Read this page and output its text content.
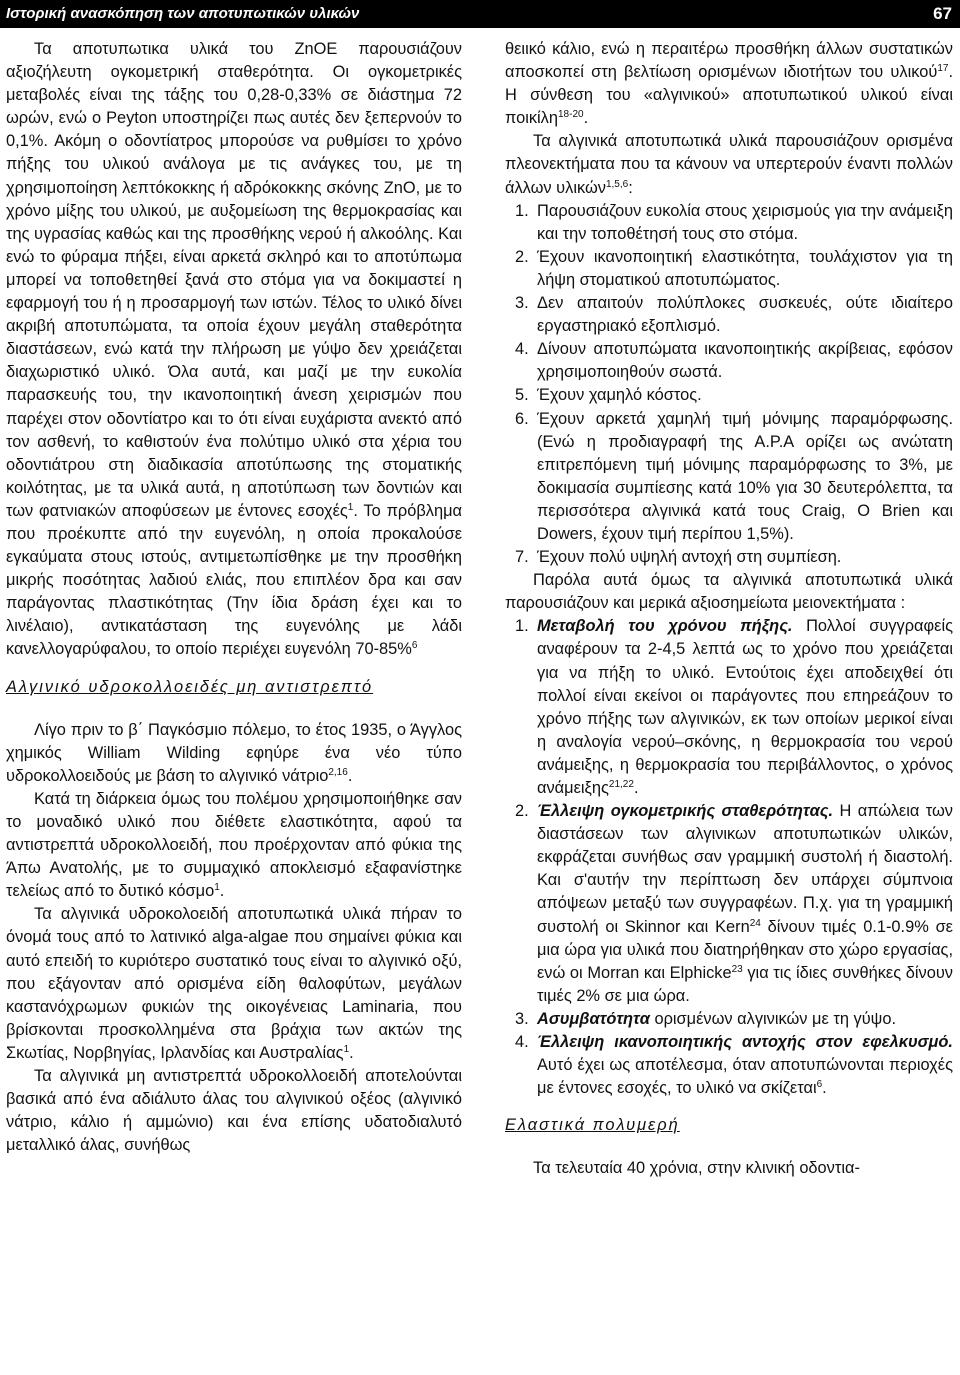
Ιστορική ανασκόπηση των αποτυπωτικών υλικών	67

Τα αποτυπωτικα υλικά του ZnOE παρουσιάζουν αξιοζήλευτη ογκομετρική σταθερότητα. Οι ογκομετρικές μεταβολές είναι της τάξης του 0,28-0,33% σε διάστημα 72 ωρών, ενώ ο Peyton υποστηρίζει πως αυτές δεν ξεπερνούν το 0,1%. Ακόμη ο οδοντίατρος μπορούσε να ρυθμίσει το χρόνο πήξης του υλικού ανάλογα με τις ανάγκες του, με τη χρησιμοποίηση λεπτόκοκκης ή αδρόκοκκης σκόνης ZnO, με το χρόνο μίξης του υλικού, με αυξομείωση της θερμοκρασίας και της υγρασίας καθώς και της προσθήκης νερού ή αλκοόλης. Και ενώ το φύραμα πήξει, είναι αρκετά σκληρό και το αποτύπωμα μπορεί να τοποθετηθεί ξανά στο στόμα για να δοκιμαστεί η εφαρμογή του ή η προσαρμογή των ιστών. Τέλος το υλικό δίνει ακριβή αποτυπώματα, τα οποία έχουν μεγάλη σταθερότητα διαστάσεων, ενώ κατά την πλήρωση με γύψο δεν χρειάζεται διαχωριστικό υλικό. Όλα αυτά, και μαζί με την ευκολία παρασκευής του, την ικανοποιητική άνεση χειρισμών που παρέχει στον οδοντίατρο και το ότι είναι ευχάριστα ανεκτό από τον ασθενή, το καθιστούν ένα πολύτιμο υλικό στα χέρια του οδοντιάτρου στη διαδικασία αποτύπωσης της στοματικής κοιλότητας, με τα υλικά αυτά, η αποτύπωση των δοντιών και των φατνιακών αποφύσεων με έντονες εσοχές$^1$. Το πρόβλημα που προέκυπτε από την ευγενόλη, η οποία προκαλούσε εγκαύματα στους ιστούς, αντιμετωπίσθηκε με την προσθήκη μικρής ποσότητας λαδιού ελιάς, που επιπλέον δρα και σαν παράγοντας πλαστικότητας (Την ίδια δράση έχει και το λινέλαιο), αντικατάσταση της ευγενόλης με λάδι κανελλογαρύφαλου, το οποίο περιέχει ευγενόλη 70-85%$^6$

Αλγινικό υδροκολλοειδές μη αντιστρεπτό

Λίγο πριν το β΄ Παγκόσμιο πόλεμο, το έτος 1935, ο Άγγλος χημικός William Wilding εφηύρε ένα νέο τύπο υδροκολλοειδούς με βάση το αλγινικό νάτριο$^{2,16}$.

Κατά τη διάρκεια όμως του πολέμου χρησιμοποιήθηκε σαν το μοναδικό υλικό που διέθετε ελαστικότητα, αφού τα αντιστρεπτά υδροκολλοειδή, που προέρχονταν από φύκια της Άπω Ανατολής, με το συμμαχικό αποκλεισμό εξαφανίστηκε τελείως από το δυτικό κόσμο$^1$.

Τα αλγινικά υδροκολοειδή αποτυπωτικά υλικά πήραν το όνομά τους από το λατινικό alga-algae που σημαίνει φύκια και αυτό επειδή το κυριότερο συστατικό τους είναι το αλγινικό οξύ, που εξάγονταν από ορισμένα είδη θαλοφύτων, μεγάλων καστανόχρωμων φυκιών της οικογένειας Laminaria, που βρίσκονται προσκολλημένα στα βράχια των ακτών της Σκωτίας, Νορβηγίας, Ιρλανδίας και Αυστραλίας$^1$.

Τα αλγινικά μη αντιστρεπτά υδροκολλοειδή αποτελούνται βασικά από ένα αδιάλυτο άλας του αλγινικού οξέος (αλγινικό νάτριο, κάλιο ή αμμώνιο) και ένα επίσης υδατοδιαλυτό μεταλλικό άλας, συνήθως

θειικό κάλιο, ενώ η περαιτέρω προσθήκη άλλων συστατικών αποσκοπεί στη βελτίωση ορισμένων ιδιοτήτων του υλικού$^{17}$. Η σύνθεση του «αλγινικού» αποτυπωτικού υλικού είναι ποικίλη$^{18-20}$.

Τα αλγινικά αποτυπωτικά υλικά παρουσιάζουν ορισμένα πλεονεκτήματα που τα κάνουν να υπερτερούν έναντι πολλών άλλων υλικών$^{1,5,6}$:

1. Παρουσιάζουν ευκολία στους χειρισμούς για την ανάμειξη και την τοποθέτησή τους στο στόμα.
2. Έχουν ικανοποιητική ελαστικότητα, τουλάχιστον για τη λήψη στοματικού αποτυπώματος.
3. Δεν απαιτούν πολύπλοκες συσκευές, ούτε ιδιαίτερο εργαστηριακό εξοπλισμό.
4. Δίνουν αποτυπώματα ικανοποιητικής ακρίβειας, εφόσον χρησιμοποιηθούν σωστά.
5. Έχουν χαμηλό κόστος.
6. Έχουν αρκετά χαμηλή τιμή μόνιμης παραμόρφωσης. (Ενώ η προδιαγραφή της Α.Ρ.Α ορίζει ως ανώτατη επιτρεπόμενη τιμή μόνιμης παραμόρφωσης το 3%, με δοκιμασία συμπίεσης κατά 10% για 30 δευτερόλεπτα, τα περισσότερα αλγινικά κατά τους Craig, O Brien και Dowers, έχουν τιμή περίπου 1,5%).
7. Έχουν πολύ υψηλή αντοχή στη συμπίεση.

Παρόλα αυτά όμως τα αλγινικά αποτυπωτικά υλικά παρουσιάζουν και μερικά αξιοσημείωτα μειονεκτήματα :

1. Μεταβολή του χρόνου πήξης. Πολλοί συγγραφείς αναφέρουν τα 2-4,5 λεπτά ως το χρόνο που χρειάζεται για να πήξη το υλικό. Εντούτοις έχει αποδειχθεί ότι πολλοί είναι εκείνοι οι παράγοντες που επηρεάζουν το χρόνο πήξης των αλγινικών, εκ των οποίων μερικοί είναι η αναλογία νερού–σκόνης, η θερμοκρασία του νερού ανάμειξης, η θερμοκρασία του περιβάλλοντος, ο χρόνος ανάμειξης$^{21,22}$.
2. Έλλειψη ογκομετρικής σταθερότητας. Η απώλεια των διαστάσεων των αλγινικων αποτυπωτικών υλικών, εκφράζεται συνήθως σαν γραμμική συστολή ή διαστολή. Και σ'αυτήν την περίπτωση δεν υπάρχει σύμπνοια απόψεων μεταξύ των συγγραφέων. Π.χ. για τη γραμμική συστολή οι Skinnor και Kern$^{24}$ δίνουν τιμές 0.1-0.9% σε μια ώρα για υλικά που διατηρήθηκαν στο χώρο εργασίας, ενώ οι Morran και Elphicke$^{23}$ για τις ίδιες συνθήκες δίνουν τιμές 2% σε μια ώρα.
3. Ασυμβατότητα ορισμένων αλγινικών με τη γύψο.
4. Έλλειψη ικανοποιητικής αντοχής στον εφελκυσμό. Αυτό έχει ως αποτέλεσμα, όταν αποτυπώνονται περιοχές με έντονες εσοχές, το υλικό να σκίζεται$^6$.
Ελαστικά πολυμερή

Τα τελευταία 40 χρόνια, στην κλινική οδοντια-
